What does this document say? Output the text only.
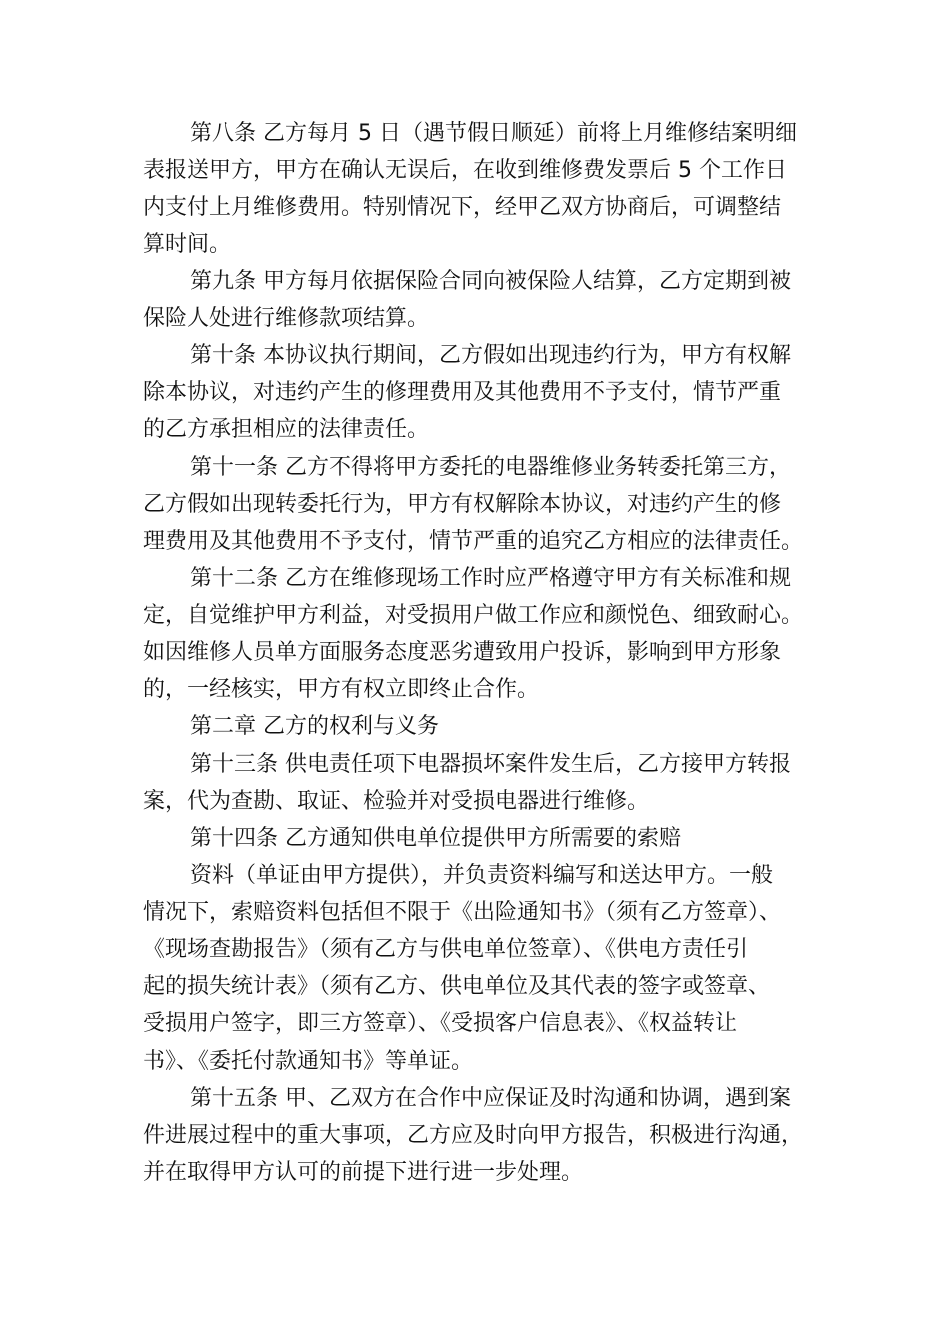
第八条 乙方每月 5 日（遇节假日顺延）前将上月维修结案明细

表报送甲方，甲方在确认无误后，在收到维修费发票后 5 个工作日

内支付上月维修费用。特别情况下，经甲乙双方协商后，可调整结

算时间。

第九条 甲方每月依据保险合同向被保险人结算，乙方定期到被

保险人处进行维修款项结算。

第十条 本协议执行期间，乙方假如出现违约行为，甲方有权解

除本协议，对违约产生的修理费用及其他费用不予支付，情节严重

的乙方承担相应的法律责任。

第十一条 乙方不得将甲方委托的电器维修业务转委托第三方，

乙方假如出现转委托行为，甲方有权解除本协议，对违约产生的修

理费用及其他费用不予支付，情节严重的追究乙方相应的法律责任。

第十二条 乙方在维修现场工作时应严格遵守甲方有关标准和规

定，自觉维护甲方利益，对受损用户做工作应和颜悦色、细致耐心。

如因维修人员单方面服务态度恶劣遭致用户投诉，影响到甲方形象

的，一经核实，甲方有权立即终止合作。

第二章 乙方的权利与义务

第十三条 供电责任项下电器损坏案件发生后，乙方接甲方转报

案，代为查勘、取证、检验并对受损电器进行维修。

第十四条 乙方通知供电单位提供甲方所需要的索赔

资料（单证由甲方提供），并负责资料编写和送达甲方。一般

情况下，索赔资料包括但不限于《出险通知书》（须有乙方签章）、

《现场查勘报告》（须有乙方与供电单位签章）、《供电方责任引

起的损失统计表》（须有乙方、供电单位及其代表的签字或签章、

受损用户签字，即三方签章）、《受损客户信息表》、《权益转让

书》、《委托付款通知书》等单证。

第十五条 甲、乙双方在合作中应保证及时沟通和协调，遇到案

件进展过程中的重大事项，乙方应及时向甲方报告，积极进行沟通，

并在取得甲方认可的前提下进行进一步处理。
